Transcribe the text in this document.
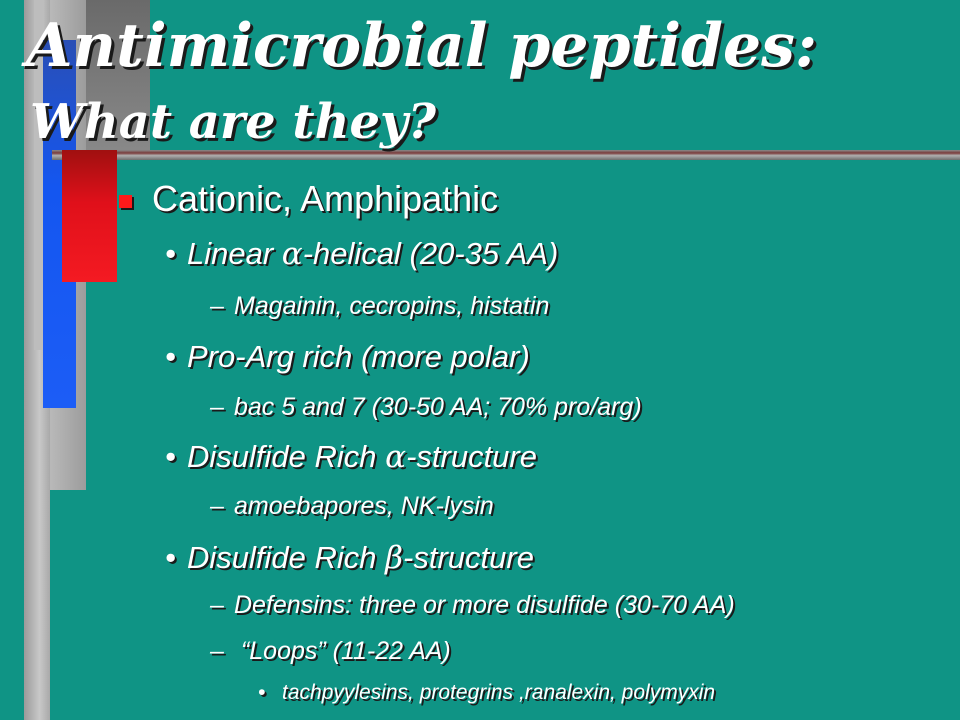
Antimicrobial peptides:
What are they?
Cationic, Amphipathic
• Linear α-helical (20-35 AA)
– Magainin, cecropins, histatin
• Pro-Arg rich (more polar)
– bac 5 and 7 (30-50 AA; 70% pro/arg)
• Disulfide Rich α-structure
– amoebapores, NK-lysin
• Disulfide Rich β-structure
– Defensins: three or more disulfide (30-70 AA)
– “Loops” (11-22 AA)
• tachpyylesins, protegrins ,ranalexin, polymyxin
